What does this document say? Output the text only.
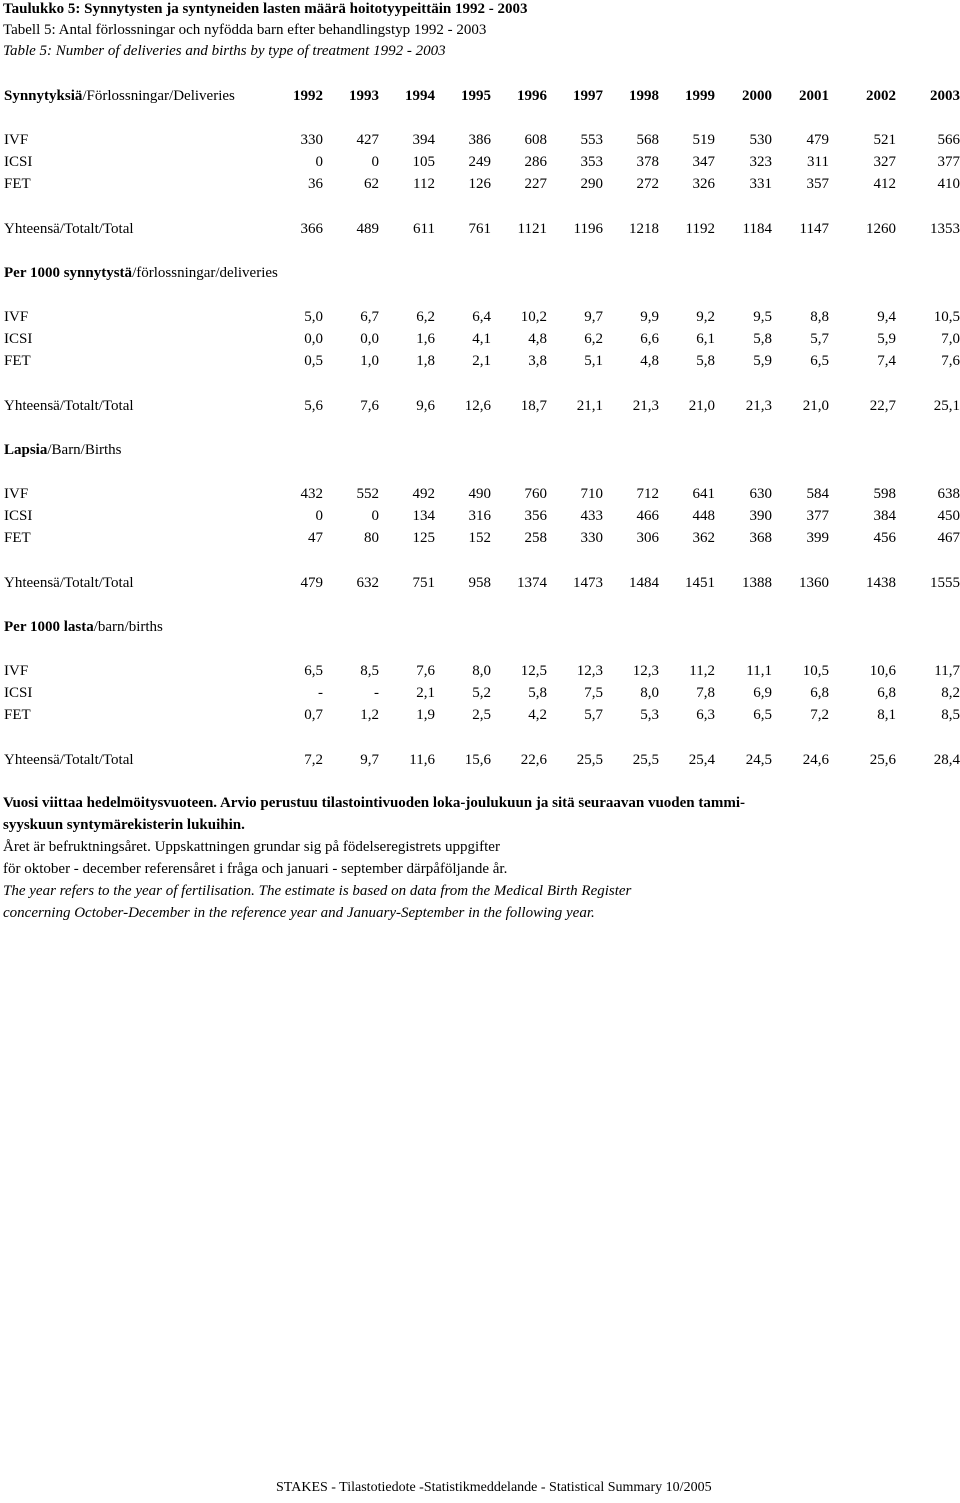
Taulukko 5: Synnytysten ja syntyneiden lasten määrä hoitotyypeittäin 1992 - 2003
Tabell 5: Antal förlossningar och nyfödda barn efter behandlingstyp 1992 - 2003
Table 5: Number of deliveries and births by type of treatment 1992 - 2003
Synnytyksiä/Förlossningar/Deliveries	1992	1993	1994	1995	1996	1997	1998	1999	2000	2001	2002	2003
IVF	330	427	394	386	608	553	568	519	530	479	521	566
ICSI	0	0	105	249	286	353	378	347	323	311	327	377
FET	36	62	112	126	227	290	272	326	331	357	412	410
Yhteensä/Totalt/Total	366	489	611	761	1121	1196	1218	1192	1184	1147	1260	1353
Per 1000 synnytystä/förlossningar/deliveries
IVF	5,0	6,7	6,2	6,4	10,2	9,7	9,9	9,2	9,5	8,8	9,4	10,5
ICSI	0,0	0,0	1,6	4,1	4,8	6,2	6,6	6,1	5,8	5,7	5,9	7,0
FET	0,5	1,0	1,8	2,1	3,8	5,1	4,8	5,8	5,9	6,5	7,4	7,6
Yhteensä/Totalt/Total	5,6	7,6	9,6	12,6	18,7	21,1	21,3	21,0	21,3	21,0	22,7	25,1
Lapsia/Barn/Births
IVF	432	552	492	490	760	710	712	641	630	584	598	638
ICSI	0	0	134	316	356	433	466	448	390	377	384	450
FET	47	80	125	152	258	330	306	362	368	399	456	467
Yhteensä/Totalt/Total	479	632	751	958	1374	1473	1484	1451	1388	1360	1438	1555
Per 1000 lasta/barn/births
IVF	6,5	8,5	7,6	8,0	12,5	12,3	12,3	11,2	11,1	10,5	10,6	11,7
ICSI	-	-	2,1	5,2	5,8	7,5	8,0	7,8	6,9	6,8	6,8	8,2
FET	0,7	1,2	1,9	2,5	4,2	5,7	5,3	6,3	6,5	7,2	8,1	8,5
Yhteensä/Totalt/Total	7,2	9,7	11,6	15,6	22,6	25,5	25,5	25,4	24,5	24,6	25,6	28,4
Vuosi viittaa hedelmöitysvuoteen. Arvio perustuu tilastointivuoden loka-joulukuun ja sitä seuraavan vuoden tammi-syyskuun syntymärekisterin lukuihin.
Året är befruktningsåret. Uppskattningen grundar sig på födelseregistrets uppgifter
för oktober - december referensåret i fråga och januari - september därpåföljande år.
The year refers to the year of fertilisation. The estimate is based on data from the Medical Birth Register
concerning October-December in the reference year and January-September in the following year.
STAKES - Tilastotiedote -Statistikmeddelande - Statistical Summary 10/2005
